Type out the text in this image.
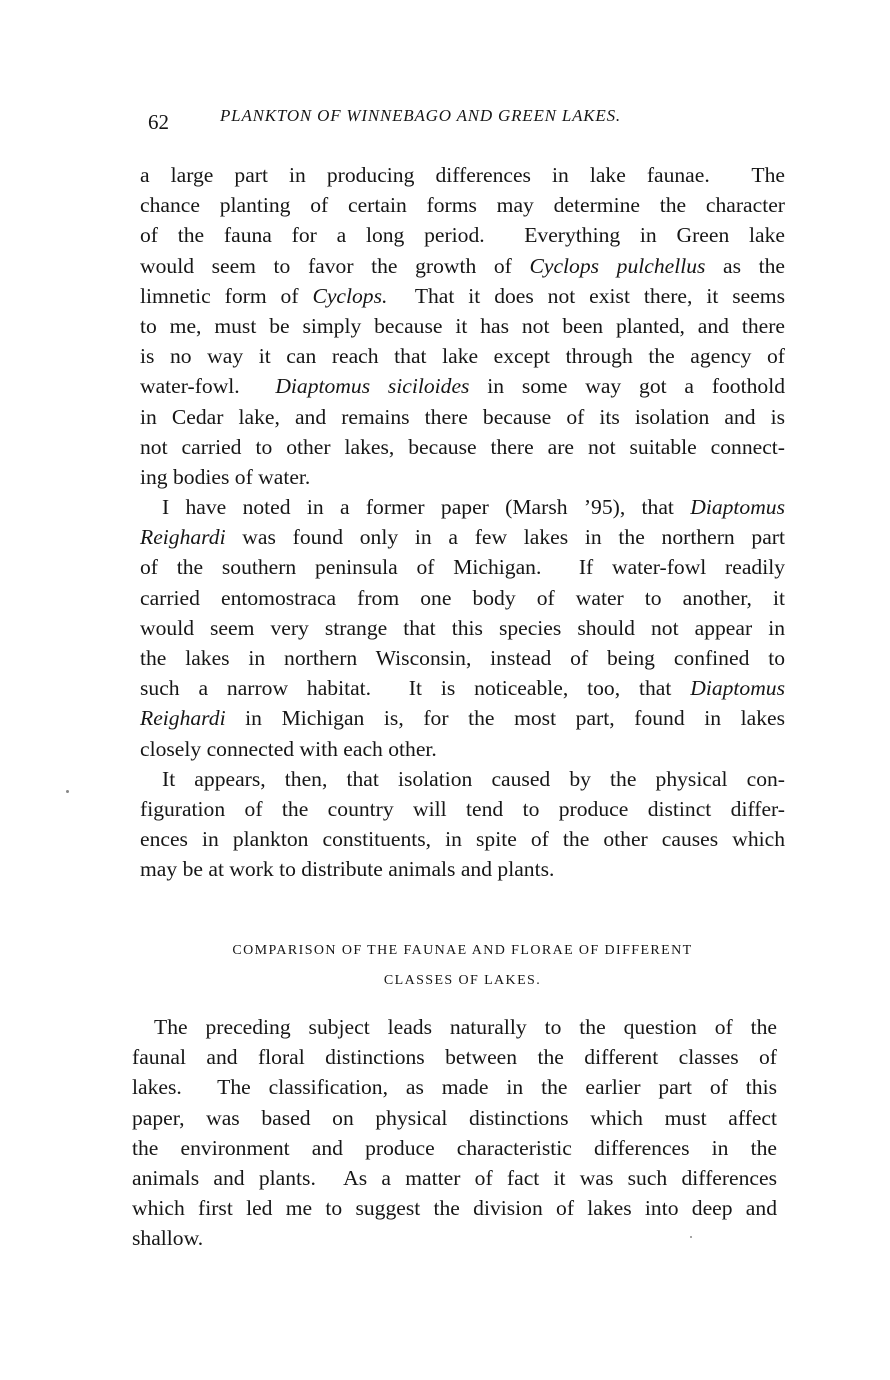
62	PLANKTON OF WINNEBAGO AND GREEN LAKES.
a large part in producing differences in lake faunae.  The
chance planting of certain forms may determine the character
of the fauna for a long period.  Everything in Green lake
would seem to favor the growth of Cyclops pulchellus as the
limnetic form of Cyclops.  That it does not exist there, it seems
to me, must be simply because it has not been planted, and there
is no way it can reach that lake except through the agency of
water-fowl.  Diaptomus siciloides in some way got a foothold
in Cedar lake, and remains there because of its isolation and is
not carried to other lakes, because there are not suitable connect-
ing bodies of water.
I have noted in a former paper (Marsh ’95), that Diaptomus
Reighardi was found only in a few lakes in the northern part
of the southern peninsula of Michigan.  If water-fowl readily
carried entomostraca from one body of water to another, it
would seem very strange that this species should not appear in
the lakes in northern Wisconsin, instead of being confined to
such a narrow habitat.  It is noticeable, too, that Diaptomus
Reighardi in Michigan is, for the most part, found in lakes
closely connected with each other.
It appears, then, that isolation caused by the physical con-
figuration of the country will tend to produce distinct differ-
ences in plankton constituents, in spite of the other causes which
may be at work to distribute animals and plants.
COMPARISON OF THE FAUNAE AND FLORAE OF DIFFERENT
CLASSES OF LAKES.
The preceding subject leads naturally to the question of the
faunal and floral distinctions between the different classes of
lakes.  The classification, as made in the earlier part of this
paper, was based on physical distinctions which must affect
the environment and produce characteristic differences in the
animals and plants.  As a matter of fact it was such differences
which first led me to suggest the division of lakes into deep and
shallow.
